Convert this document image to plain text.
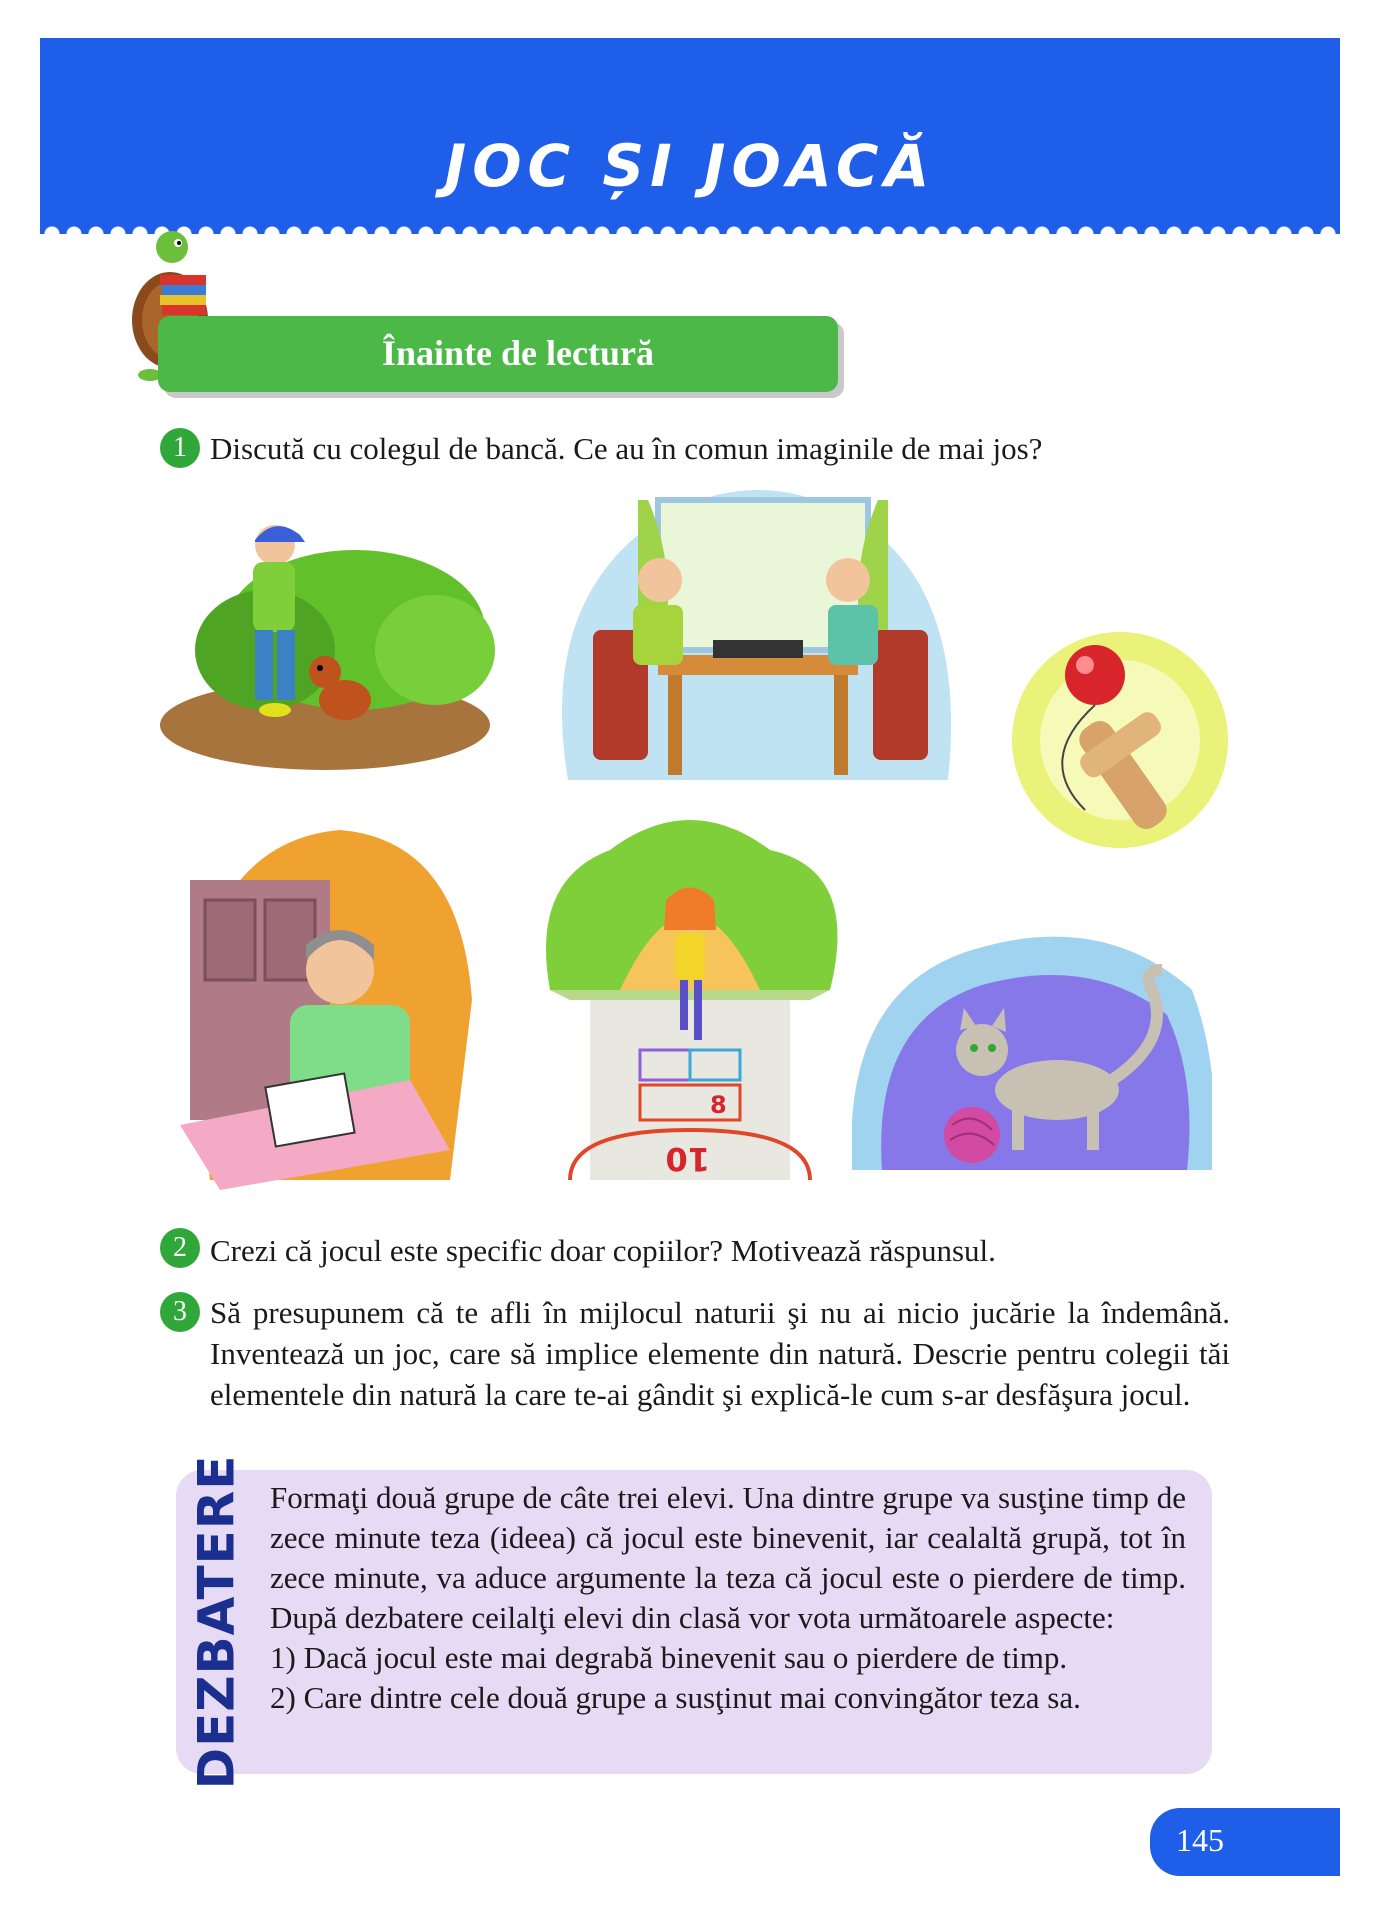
JOC ȘI JOACĂ
Înainte de lectură
1 Discută cu colegul de bancă. Ce au în comun imaginile de mai jos?
8
10
2 Crezi că jocul este specific doar copiilor? Motivează răspunsul.
3 Să presupunem că te afli în mijlocul naturii şi nu ai nicio jucărie la îndemână. Inventează un joc, care să implice elemente din natură. Descrie pentru colegii tăi elementele din natură la care te-ai gândit şi explică-le cum s-ar desfăşura jocul.
DEZBATERE Formaţi două grupe de câte trei elevi. Una dintre grupe va susţine timp de zece minute teza (ideea) că jocul este binevenit, iar cealaltă grupă, tot în zece minute, va aduce argumente la teza că jocul este o pierdere de timp. După dezbatere ceilalţi elevi din clasă vor vota următoarele aspecte:

1) Dacă jocul este mai degrabă binevenit sau o pierdere de timp.
2) Care dintre cele două grupe a susţinut mai convingător teza sa.
145
